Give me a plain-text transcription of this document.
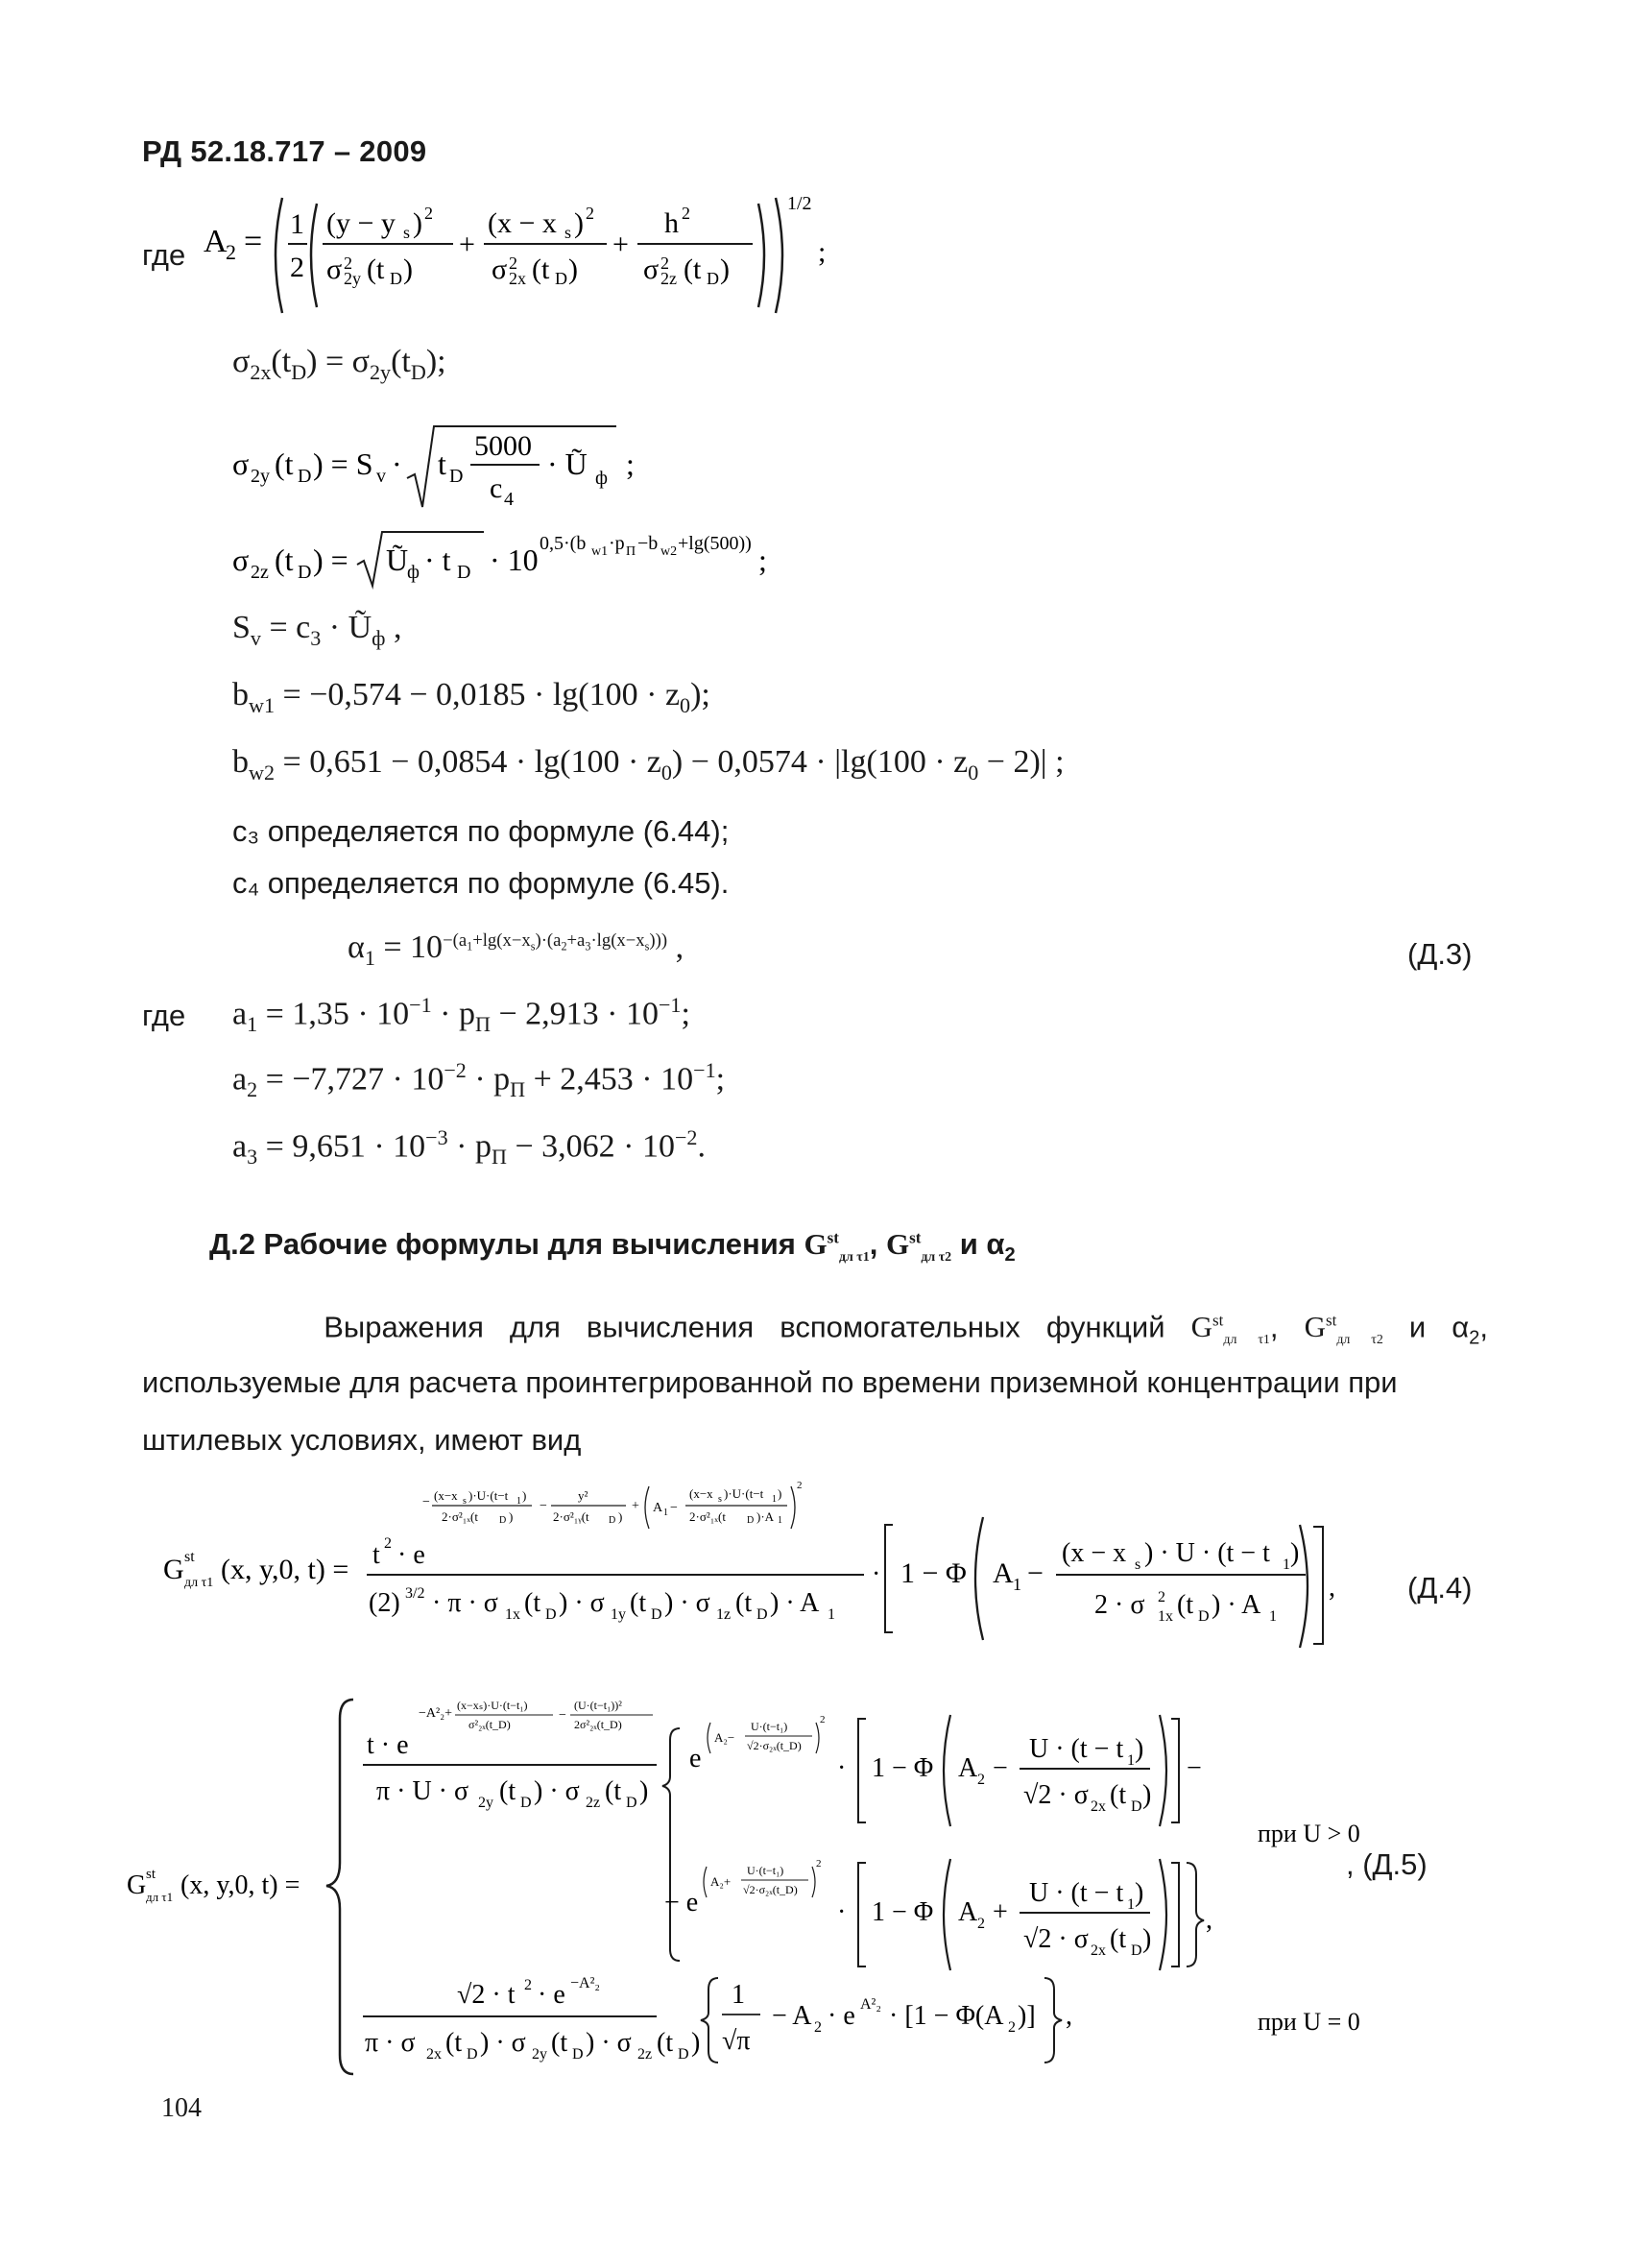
РД 52.18.717 – 2009
где A
2 = 1
2
(y − y s ) 2
σ 2
2y (t D )
+
(x − x s ) 2
σ 2
2x (t D )
+
h 2
σ 2
2z (t D )
1/2
;
$\sigma_{2x}(t_D) = \sigma_{2y}(t_D)$;
σ 2y (t D ) = S v · t D
5000
c 4
· Ũ ф ;
σ 2z (t D ) = Ũ
ф · t D · 10 0,5·(b w1 ·p П −b w2 +lg(500)) ;
$S_v = c_3$ · $Ũ_ф$ ,
$b_{w1} = -0,574 - 0,0185 \cdot \lg(100 \cdot z_0)$;
$b_{w2} = 0,651 - 0,0854 \cdot \lg(100 \cdot z_0) - 0,0574 \cdot |\lg(100 \cdot z_0 - 2)|$ ;
c₃ определяется по формуле (6.44);
c₄ определяется по формуле (6.45).
$\alpha_1 = 10^{-(a_1+lg(x-x_s)\cdot(a_2+a_3\cdot lg(x-x_s)))}$ ,	(Д.3)
где $a_1 = 1,35 \cdot 10^{-1} \cdot p_П - 2,913 \cdot 10^{-1}$;
$a_2 = -7,727 \cdot 10^{-2} \cdot p_П + 2,453 \cdot 10^{-1}$;
$a_3 = 9,651 \cdot 10^{-3} \cdot p_П - 3,062 \cdot 10^{-2}$.
Д.2 Рабочие формулы для вычисления $G^{st}_{дл \tau 1}$, $G^{st}_{дл \tau 2}$ и $\alpha_2$
Выражения для вычисления вспомогательных функций $G^{st}_{дл \tau 1}$, $G^{st}_{дл \tau 2}$ и $\alpha_2$,
используемые для расчета проинтегрированной по времени приземной концентрации при
штилевых условиях, имеют вид
G st
дл τ1 (x, y,0, t) = t 2 · e
− (x−x s )·U·(t−t 1 )
2·σ²₁ₓ(t D )
−
y²
2·σ²₁ᵧ(t D )
+ A 1 −
(x−x s )·U·(t−t 1 )
2·σ²₁ₓ(t D )·A 1
2
(2) 3/2 · π · σ 1x (t D ) · σ 1y (t D ) · σ 1z (t D ) · A 1
· 1 − Φ A 1 −
(x − x s ) · U · (t − t 1 )
2 · σ 2
1x (t D ) · A 1
, (Д.4)
G st
дл τ1 (x, y,0, t) =
t · e
−A²₂+
(x−xₛ)·U·(t−t₁)
σ²₂ₓ(t_D)
−
(U·(t−t₁))²
2σ²₂ₓ(t_D)
π · U · σ 2y (t D ) · σ 2z (t D )
e
A₂−
U·(t−t₁)
√2·σ₂ₓ(t_D)
2
· 1 − Φ A 2 −
U · (t − t 1 )
√2 · σ 2x (t D )
−
− e
A₂+
U·(t−t₁)
√2·σ₂ₓ(t_D)
2
· 1 − Φ A 2 +
U · (t − t 1 )
√2 · σ 2x (t D )
,
при U > 0
√2 · t 2 · e −A²₂
π · σ 2x (t D ) · σ 2y (t D ) · σ 2z (t D )
1
√π
− A 2 · e A²₂ · [1 − Φ(A 2 )] ,	при U = 0
, (Д.5)
104
